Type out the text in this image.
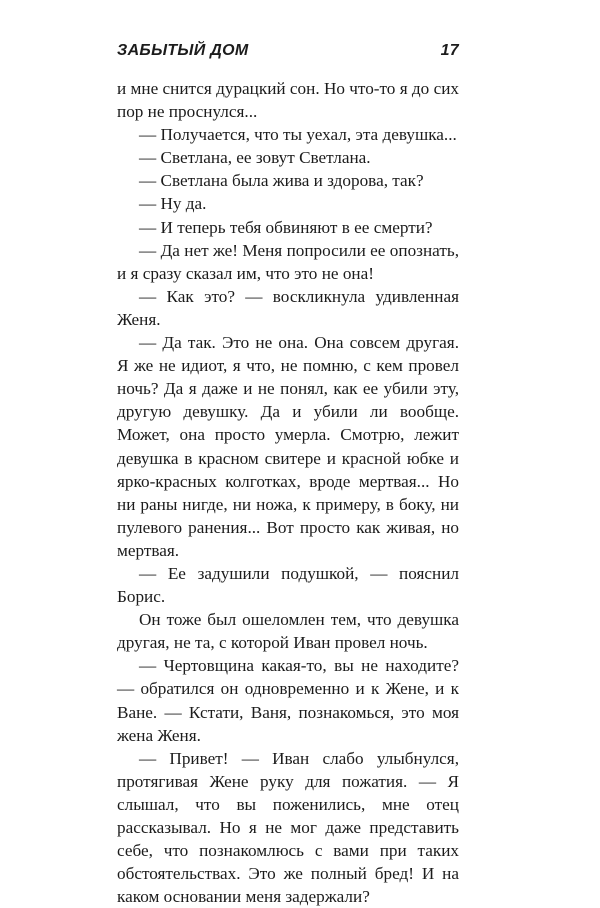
ЗАБЫТЫЙ ДОМ	17

и мне снится дурацкий сон. Но что-то я до сих пор не проснулся...

— Получается, что ты уехал, эта девушка...

— Светлана, ее зовут Светлана.

— Светлана была жива и здорова, так?

— Ну да.

— И теперь тебя обвиняют в ее смерти?

— Да нет же! Меня попросили ее опознать, и я сразу сказал им, что это не она!

— Как это? — воскликнула удивленная Женя.

— Да так. Это не она. Она совсем другая. Я же не идиот, я что, не помню, с кем провел ночь? Да я даже и не понял, как ее убили эту, другую девушку. Да и убили ли вообще. Может, она просто умерла. Смотрю, лежит девушка в красном свитере и красной юбке и ярко-красных колготках, вроде мертвая... Но ни раны нигде, ни ножа, к примеру, в боку, ни пулевого ранения... Вот просто как живая, но мертвая.

— Ее задушили подушкой, — пояснил Борис.

Он тоже был ошеломлен тем, что девушка другая, не та, с которой Иван провел ночь.

— Чертовщина какая-то, вы не находите? — обратился он одновременно и к Жене, и к Ване. — Кстати, Ваня, познакомься, это моя жена Женя.

— Привет! — Иван слабо улыбнулся, протягивая Жене руку для пожатия. — Я слышал, что вы поженились, мне отец рассказывал. Но я не мог даже представить себе, что познакомлюсь с вами при таких обстоятельствах. Это же полный бред! И на каком основании меня задержали?
